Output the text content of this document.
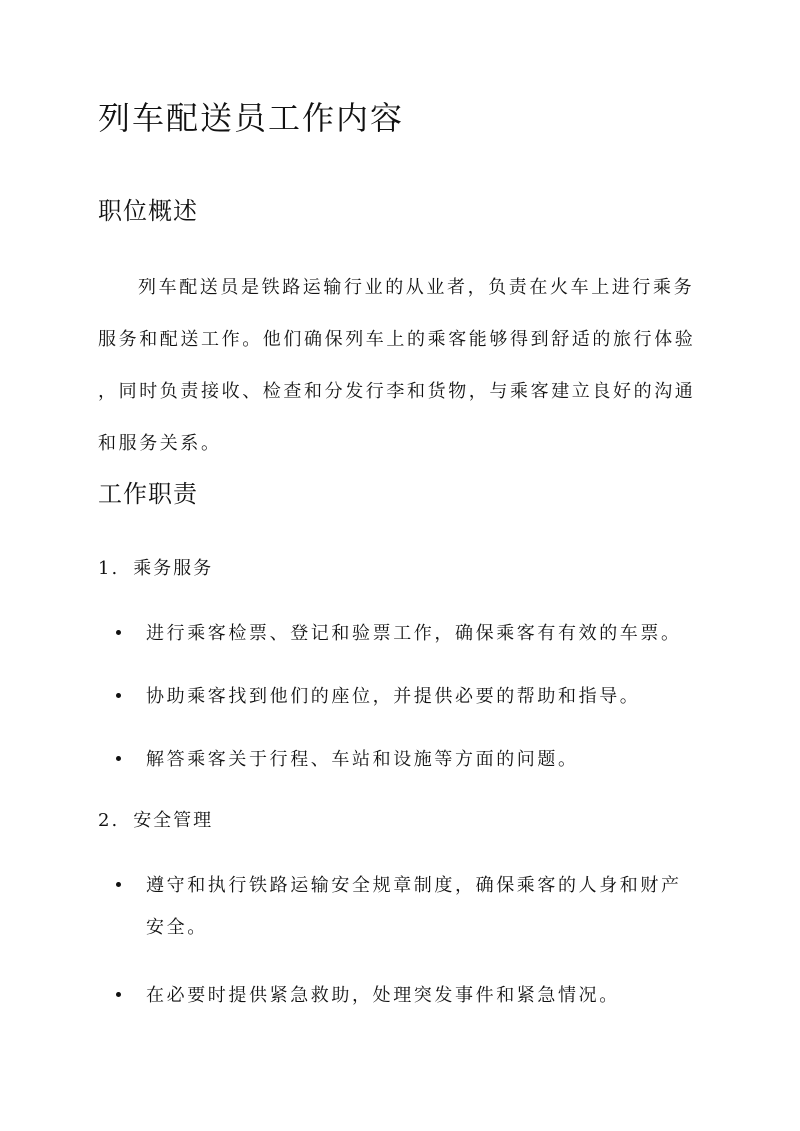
列车配送员工作内容
职位概述

列车配送员是铁路运输行业的从业者，负责在火车上进行乘务
服务和配送工作。他们确保列车上的乘客能够得到舒适的旅行体验
，同时负责接收、检查和分发行李和货物，与乘客建立良好的沟通
和服务关系。

工作职责
1. 乘务服务
进行乘客检票、登记和验票工作，确保乘客有有效的车票。
协助乘客找到他们的座位，并提供必要的帮助和指导。
解答乘客关于行程、车站和设施等方面的问题。
2. 安全管理
遵守和执行铁路运输安全规章制度，确保乘客的人身和财产
安全。
在必要时提供紧急救助，处理突发事件和紧急情况。
